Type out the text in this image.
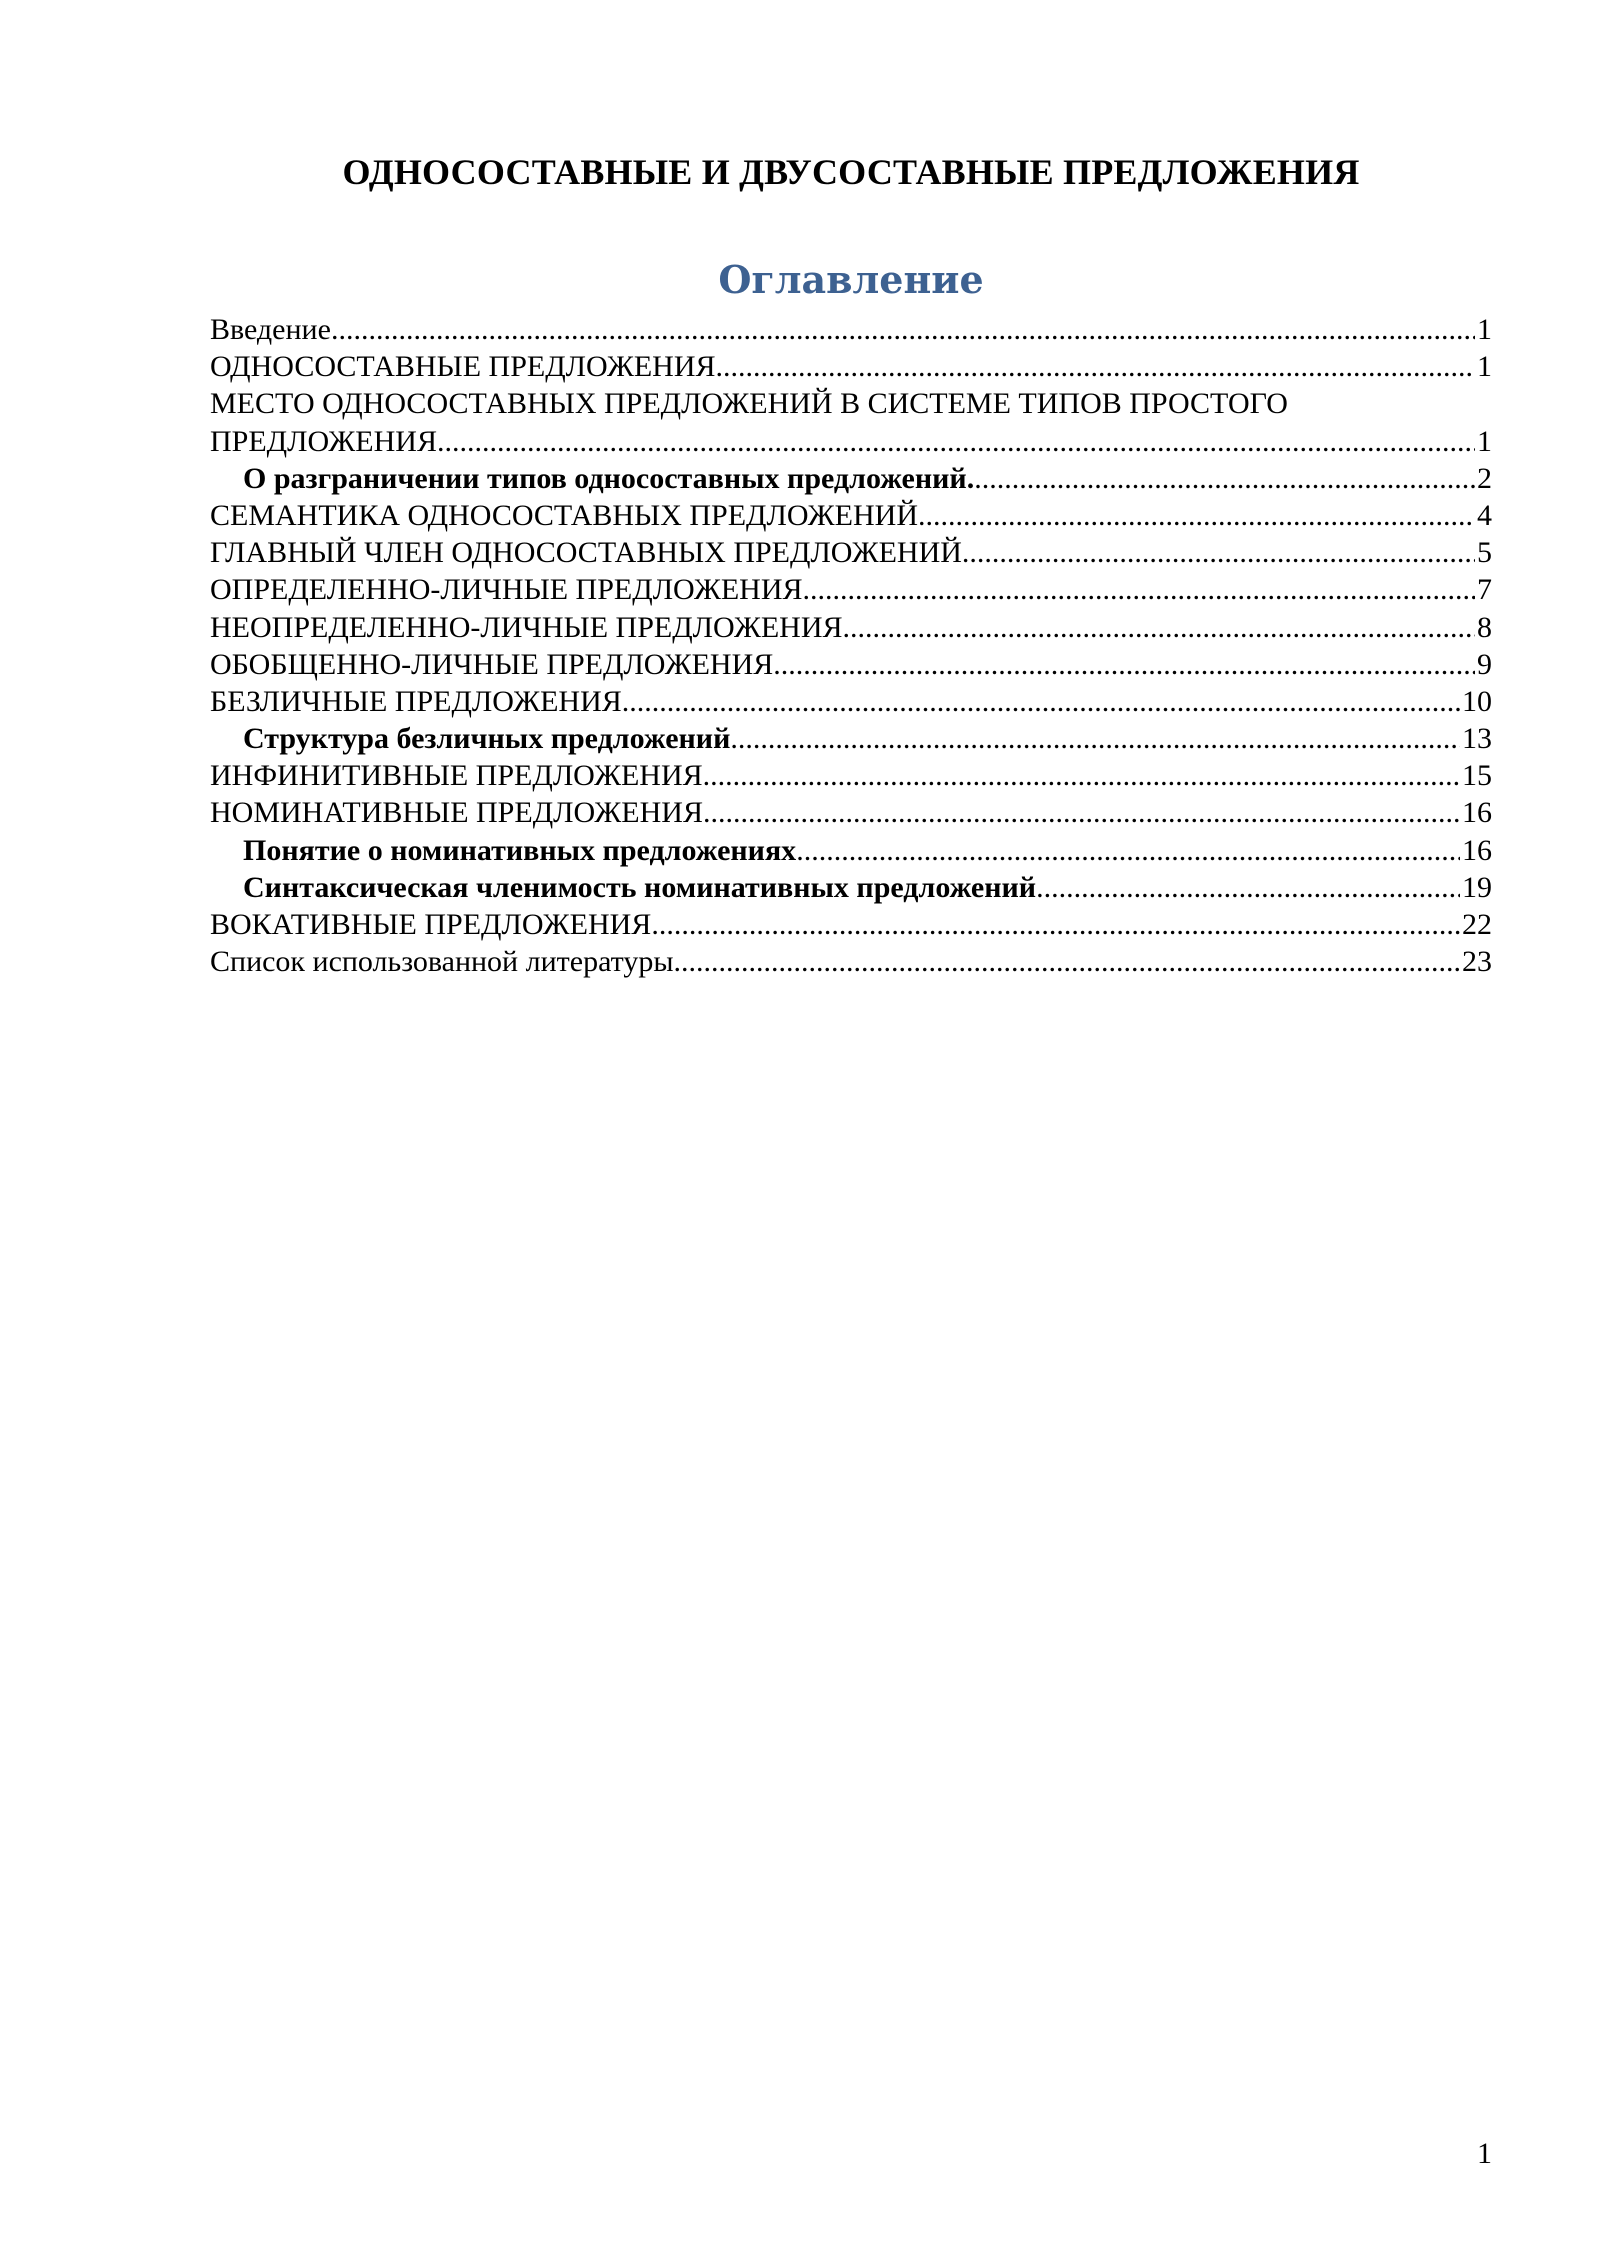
ОДНОСОСТАВНЫЕ И ДВУСОСТАВНЫЕ ПРЕДЛОЖЕНИЯ
Оглавление
Введение .....	1
ОДНОСОСТАВНЫЕ ПРЕДЛОЖЕНИЯ .....	1
МЕСТО ОДНОСОСТАВНЫХ ПРЕДЛОЖЕНИЙ В СИСТЕМЕ ТИПОВ ПРОСТОГО
ПРЕДЛОЖЕНИЯ .....	1
О разграничении типов односоставных предложений. .....	2
СЕМАНТИКА ОДНОСОСТАВНЫХ ПРЕДЛОЖЕНИЙ .....	4
ГЛАВНЫЙ ЧЛЕН ОДНОСОСТАВНЫХ ПРЕДЛОЖЕНИЙ .....	5
ОПРЕДЕЛЕННО-ЛИЧНЫЕ ПРЕДЛОЖЕНИЯ .....	7
НЕОПРЕДЕЛЕННО-ЛИЧНЫЕ ПРЕДЛОЖЕНИЯ .....	8
ОБОБЩЕННО-ЛИЧНЫЕ ПРЕДЛОЖЕНИЯ .....	9
БЕЗЛИЧНЫЕ ПРЕДЛОЖЕНИЯ .....	10
Структура безличных предложений .....	13
ИНФИНИТИВНЫЕ ПРЕДЛОЖЕНИЯ .....	15
НОМИНАТИВНЫЕ ПРЕДЛОЖЕНИЯ .....	16
Понятие о номинативных предложениях .....	16
Синтаксическая членимость номинативных предложений .....	19
ВОКАТИВНЫЕ ПРЕДЛОЖЕНИЯ .....	22
Список использованной литературы .....	23
1
